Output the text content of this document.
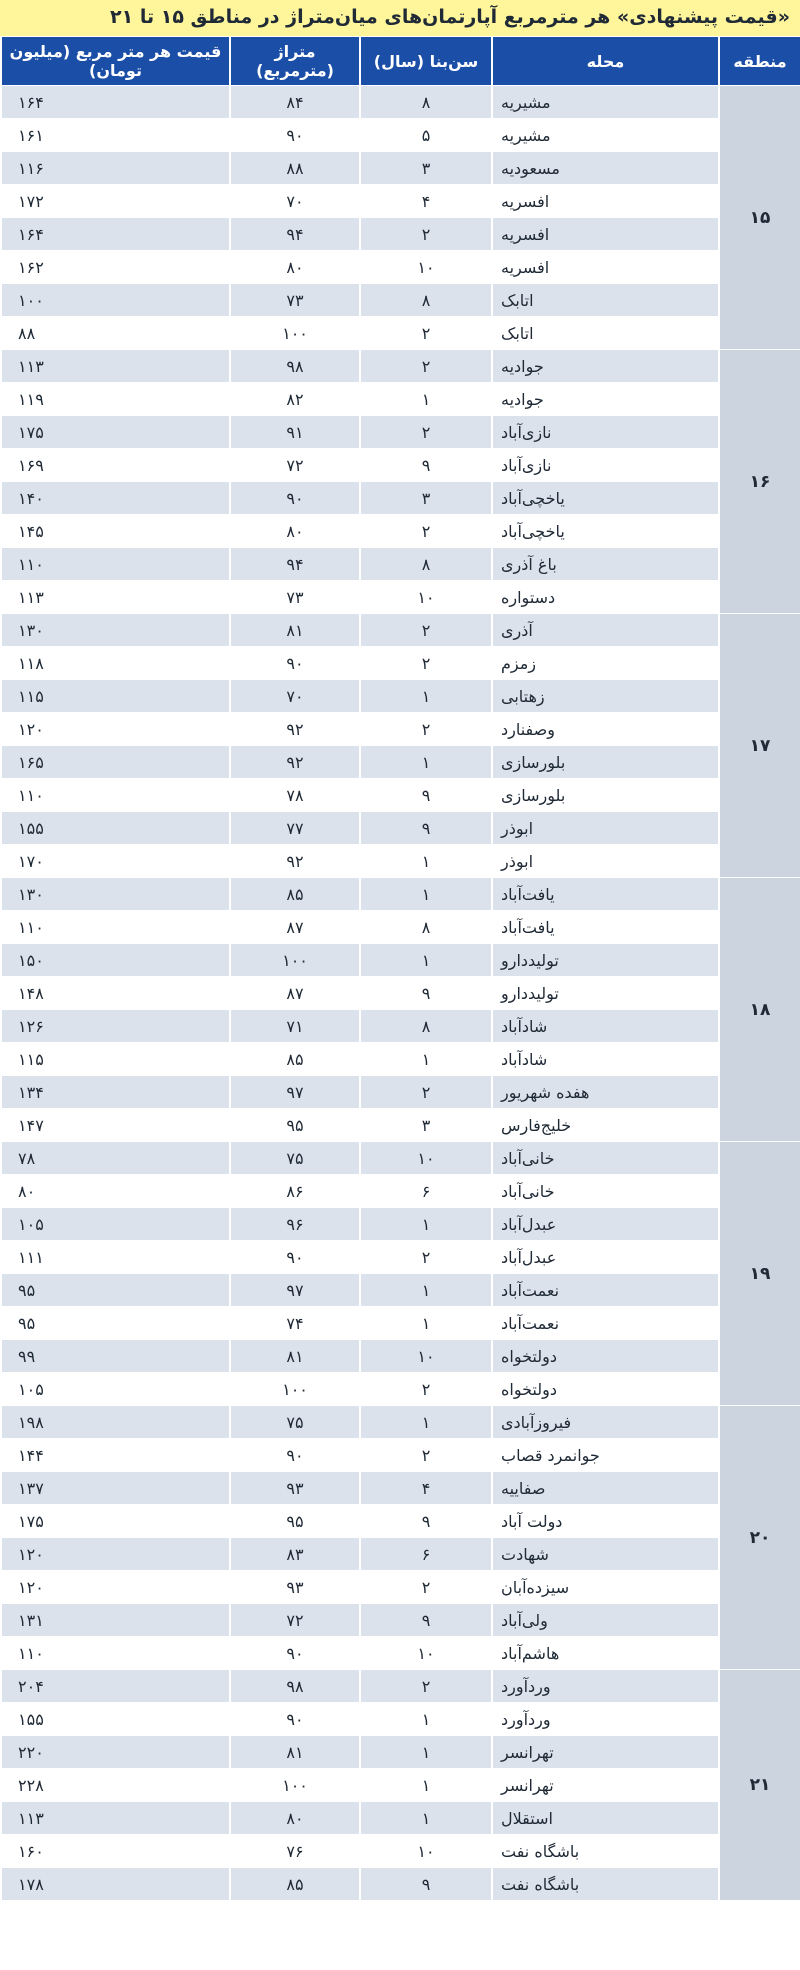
«قیمت پیشنهادی» هر مترمربع آپارتمان‌های میان‌متراژ در مناطق ۱۵ تا ۲۱
منطقه	محله	سن‌بنا (سال)	متراژ (مترمربع)	قیمت هر متر مربع (میلیون تومان)
۱۵	مشیریه	۸	۸۴	۱۶۴
	مشیریه	۵	۹۰	۱۶۱
	مسعودیه	۳	۸۸	۱۱۶
	افسریه	۴	۷۰	۱۷۲
	افسریه	۲	۹۴	۱۶۴
	افسریه	۱۰	۸۰	۱۶۲
	اتابک	۸	۷۳	۱۰۰
	اتابک	۲	۱۰۰	۸۸
۱۶	جوادیه	۲	۹۸	۱۱۳
	جوادیه	۱	۸۲	۱۱۹
	نازی‌آباد	۲	۹۱	۱۷۵
	نازی‌آباد	۹	۷۲	۱۶۹
	یاخچی‌آباد	۳	۹۰	۱۴۰
	یاخچی‌آباد	۲	۸۰	۱۴۵
	باغ آذری	۸	۹۴	۱۱۰
	دستواره	۱۰	۷۳	۱۱۳
۱۷	آذری	۲	۸۱	۱۳۰
	زمزم	۲	۹۰	۱۱۸
	زهتابی	۱	۷۰	۱۱۵
	وصفنارد	۲	۹۲	۱۲۰
	بلورسازی	۱	۹۲	۱۶۵
	بلورسازی	۹	۷۸	۱۱۰
	ابوذر	۹	۷۷	۱۵۵
	ابوذر	۱	۹۲	۱۷۰
۱۸	یافت‌آباد	۱	۸۵	۱۳۰
	یافت‌آباد	۸	۸۷	۱۱۰
	تولیددارو	۱	۱۰۰	۱۵۰
	تولیددارو	۹	۸۷	۱۴۸
	شادآباد	۸	۷۱	۱۲۶
	شادآباد	۱	۸۵	۱۱۵
	هفده شهریور	۲	۹۷	۱۳۴
	خلیج‌فارس	۳	۹۵	۱۴۷
۱۹	خانی‌آباد	۱۰	۷۵	۷۸
	خانی‌آباد	۶	۸۶	۸۰
	عبدل‌آباد	۱	۹۶	۱۰۵
	عبدل‌آباد	۲	۹۰	۱۱۱
	نعمت‌آباد	۱	۹۷	۹۵
	نعمت‌آباد	۱	۷۴	۹۵
	دولتخواه	۱۰	۸۱	۹۹
	دولتخواه	۲	۱۰۰	۱۰۵
۲۰	فیروزآبادی	۱	۷۵	۱۹۸
	جوانمرد قصاب	۲	۹۰	۱۴۴
	صفاییه	۴	۹۳	۱۳۷
	دولت آباد	۹	۹۵	۱۷۵
	شهادت	۶	۸۳	۱۲۰
	سیزده‌آبان	۲	۹۳	۱۲۰
	ولی‌آباد	۹	۷۲	۱۳۱
	هاشم‌آباد	۱۰	۹۰	۱۱۰
۲۱	وردآورد	۲	۹۸	۲۰۴
	وردآورد	۱	۹۰	۱۵۵
	تهرانسر	۱	۸۱	۲۲۰
	تهرانسر	۱	۱۰۰	۲۲۸
	استقلال	۱	۸۰	۱۱۳
	باشگاه نفت	۱۰	۷۶	۱۶۰
	باشگاه نفت	۹	۸۵	۱۷۸
